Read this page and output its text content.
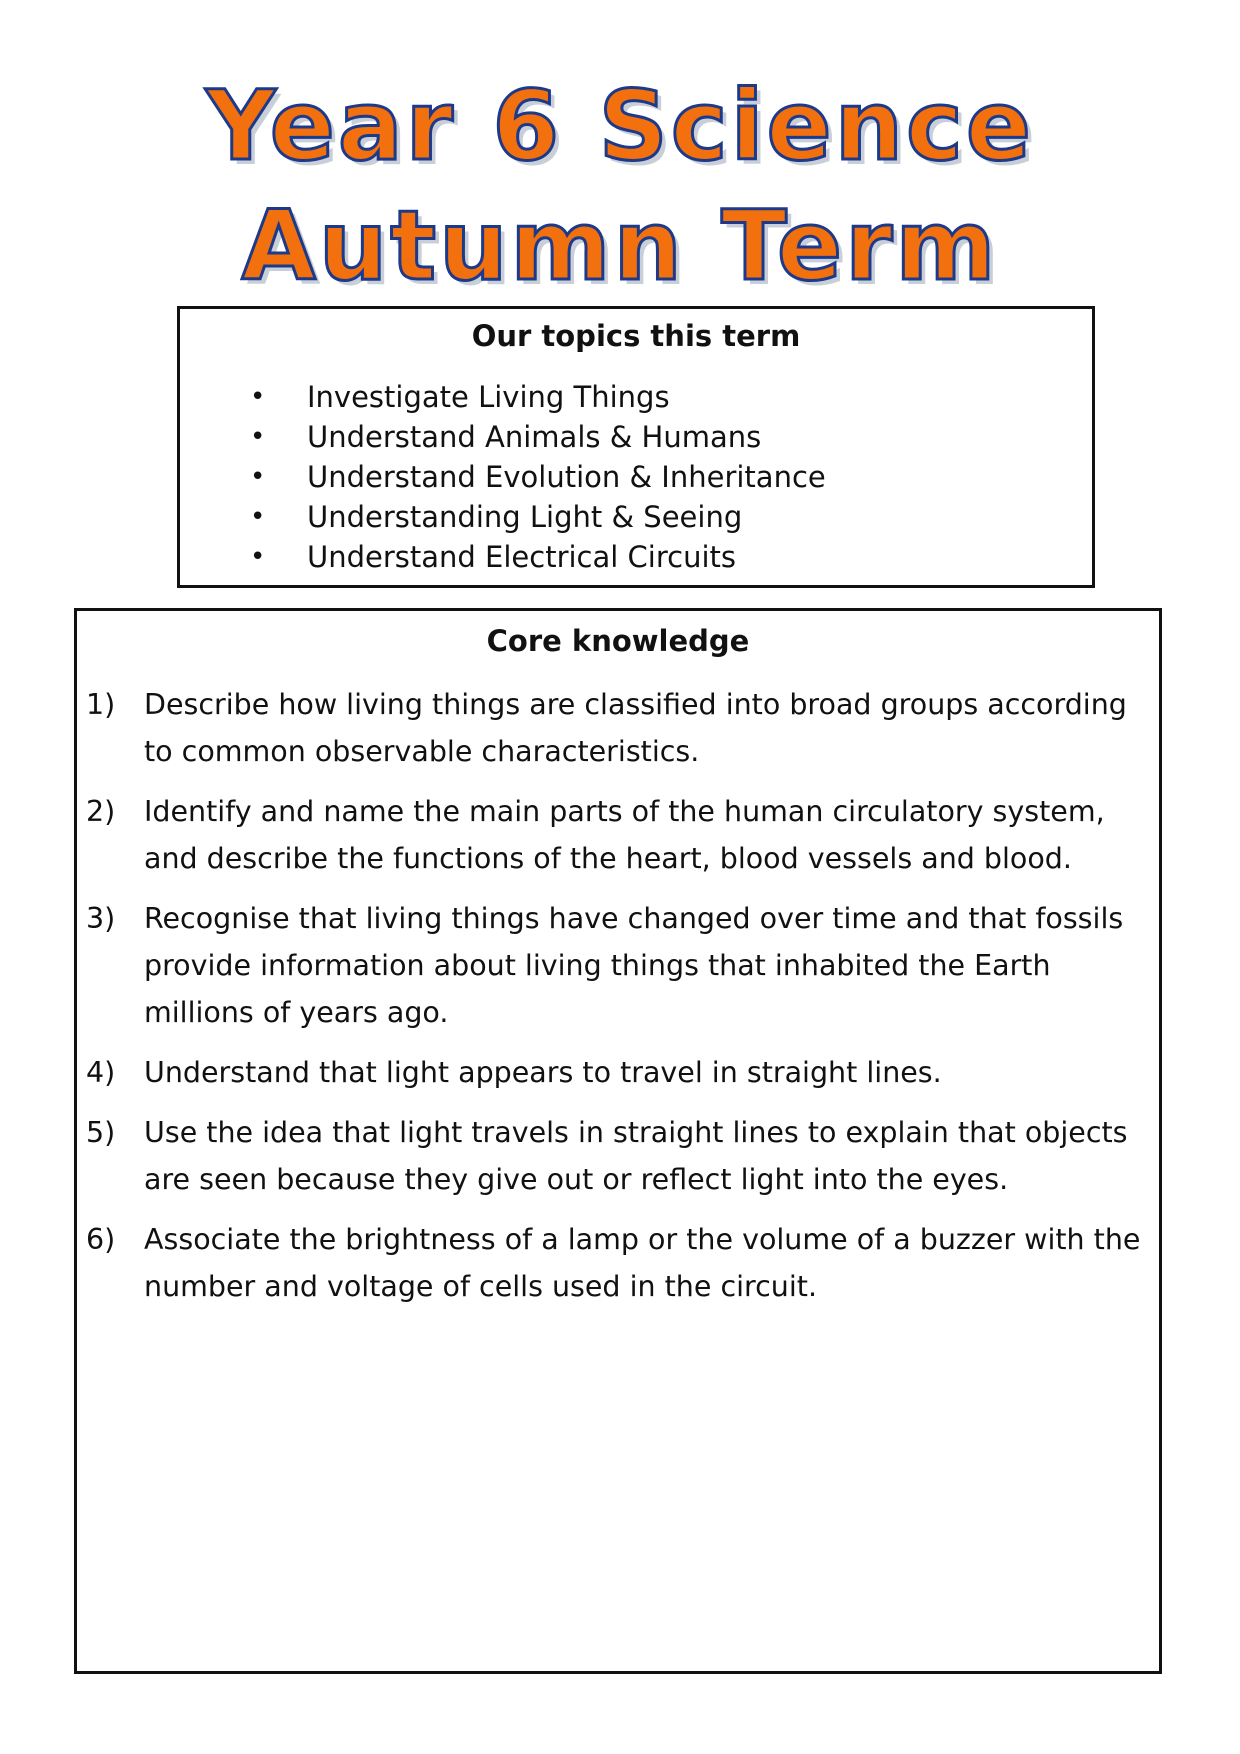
Year 6 Science
Autumn Term
Our topics this term
• Investigate Living Things
• Understand Animals & Humans
• Understand Evolution & Inheritance
• Understanding Light & Seeing
• Understand Electrical Circuits
Core knowledge
1) Describe how living things are classified into broad groups according to common observable characteristics.
2) Identify and name the main parts of the human circulatory system, and describe the functions of the heart, blood vessels and blood.
3) Recognise that living things have changed over time and that fossils provide information about living things that inhabited the Earth millions of years ago.
4) Understand that light appears to travel in straight lines.
5) Use the idea that light travels in straight lines to explain that objects are seen because they give out or reflect light into the eyes.
6) Associate the brightness of a lamp or the volume of a buzzer with the number and voltage of cells used in the circuit.
